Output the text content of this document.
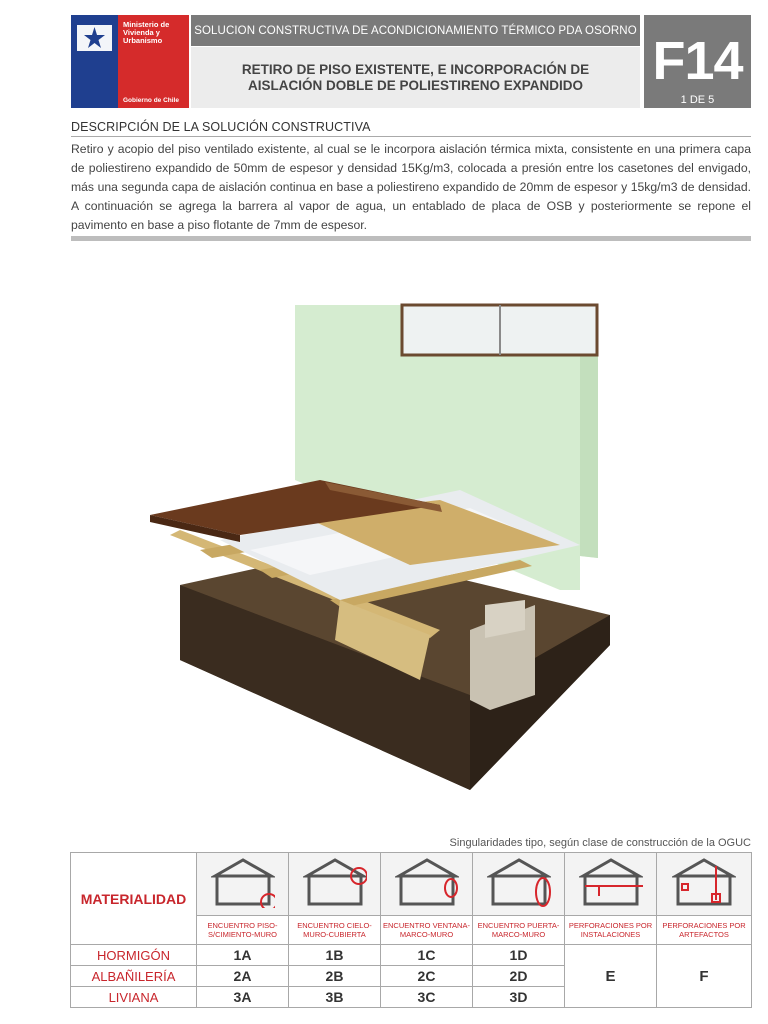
Ministerio de
Vivienda y
Urbanismo
Gobierno de Chile
SOLUCION CONSTRUCTIVA DE ACONDICIONAMIENTO TÉRMICO PDA OSORNO
RETIRO DE PISO EXISTENTE, E INCORPORACIÓN DE
AISLACIÓN DOBLE DE POLIESTIRENO EXPANDIDO F14
1 DE 5
DESCRIPCIÓN DE LA SOLUCIÓN CONSTRUCTIVA
Retiro y acopio del piso ventilado existente, al cual se le incorpora aislación térmica mixta, consistente en una primera capa de poliestireno expandido de 50mm de espesor y densidad 15Kg/m3, colocada a presión entre los casetones del envigado, más una segunda capa de aislación continua en base a poliestireno expandido de 20mm de espesor y 15kg/m3 de densidad. A continuación se agrega la barrera al vapor de agua, un entablado de placa de OSB y posteriormente se repone el pavimento en base a piso flotante de 7mm de espesor.
Singularidades tipo, según clase de construcción de la OGUC
MATERIALIDAD						
	ENCUENTRO PISO-S/CIMIENTO-MURO	ENCUENTRO CIELO-MURO-CUBIERTA	ENCUENTRO VENTANA-MARCO-MURO	ENCUENTRO PUERTA-MARCO-MURO	PERFORACIONES POR INSTALACIONES	PERFORACIONES POR ARTEFACTOS
HORMIGÓN	1A	1B	1C	1D	E	F
ALBAÑILERÍA	2A	2B	2C	2D		
LIVIANA	3A	3B	3C	3D		
